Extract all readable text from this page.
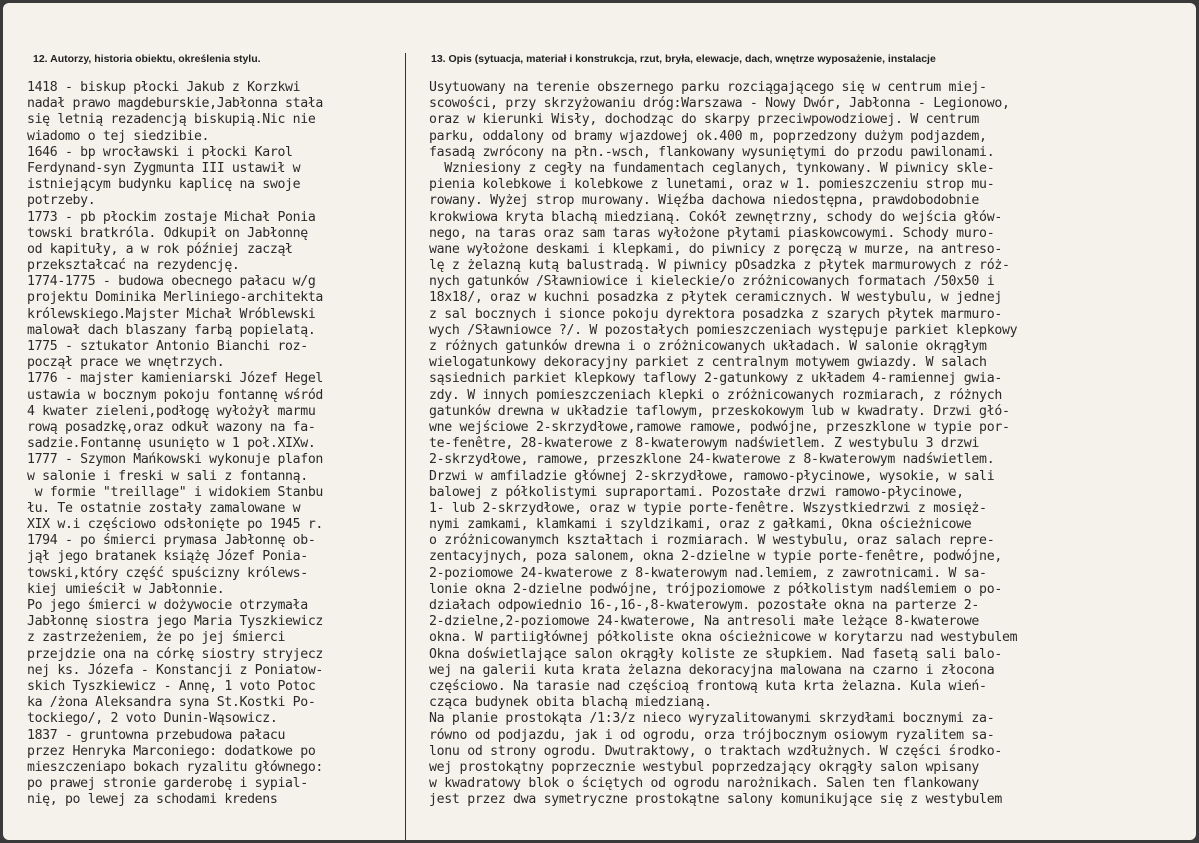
12. Autorzy, historia obiektu, określenia stylu.	13. Opis (sytuacja, materiał i konstrukcja, rzut, bryła, elewacje, dach, wnętrze wyposażenie, instalacje
1418 - biskup płocki Jakub z Korzkwi
nadał prawo magdeburskie,Jabłonna stała
się letnią rezadencją biskupią.Nic nie
wiadomo o tej siedzibie.
1646 - bp wrocławski i płocki Karol
Ferdynand-syn Zygmunta III ustawił w
istniejącym budynku kaplicę na swoje
potrzeby.
1773 - pb płockim zostaje Michał Ponia
towski bratkróla. Odkupił on Jabłonnę
od kapituły, a w rok później zaczął
przekształcać na rezydencję.
1774-1775 - budowa obecnego pałacu w/g
projektu Dominika Merliniego-architekta
królewskiego.Majster Michał Wróblewski
malował dach blaszany farbą popielatą.
1775 - sztukator Antonio Bianchi roz-
począł prace we wnętrzych.
1776 - majster kamieniarski Józef Hegel
ustawia w bocznym pokoju fontannę wśród
4 kwater zieleni,podłogę wyłożył marmu
rową posadzkę,oraz odkuł wazony na fa-
sadzie.Fontannę usunięto w 1 poł.XIXw.
1777 - Szymon Mańkowski wykonuje plafon
w salonie i freski w sali z fontanną.
w formie "treillage" i widokiem Stanbu
łu. Te ostatnie zostały zamalowane w
XIX w.i częściowo odsłonięte po 1945 r.
1794 - po śmierci prymasa Jabłonnę ob-
jął jego bratanek książę Józef Ponia-
towski,który część spuścizny królews-
kiej umieścił w Jabłonnie.
Po jego śmierci w dożywocie otrzymała
Jabłonnę siostra jego Maria Tyszkiewicz
z zastrzeżeniem, że po jej śmierci
przejdzie ona na córkę siostry stryjecz
nej ks. Józefa - Konstancji z Poniatow-
skich Tyszkiewicz - Annę, 1 voto Potoc
ka /żona Aleksandra syna St.Kostki Po-
tockiego/, 2 voto Dunin-Wąsowicz.
1837 - gruntowna przebudowa pałacu
przez Henryka Marconiego: dodatkowe po
mieszczeniapo bokach ryzalitu głównego:
po prawej stronie garderobę i sypial-
nię, po lewej za schodami kredens
Usytuowany na terenie obszernego parku rozciągającego się w centrum miej-
scowości, przy skrzyżowaniu dróg:Warszawa - Nowy Dwór, Jabłonna - Legionowo,
oraz w kierunki Wisły, dochodząc do skarpy przeciwpowodziowej. W centrum
parku, oddalony od bramy wjazdowej ok.400 m, poprzedzony dużym podjazdem,
fasadą zwrócony na płn.-wsch, flankowany wysuniętymi do przodu pawilonami.
Wzniesiony z cegły na fundamentach ceglanych, tynkowany. W piwnicy skle-
pienia kolebkowe i kolebkowe z lunetami, oraz w 1. pomieszczeniu strop mu-
rowany. Wyżej strop murowany. Więźba dachowa niedostępna, prawdobodobnie
krokwiowa kryta blachą miedzianą. Cokół zewnętrzny, schody do wejścia głów-
nego, na taras oraz sam taras wyłożone płytami piaskowcowymi. Schody muro-
wane wyłożone deskami i klepkami, do piwnicy z poręczą w murze, na antreso-
lę z żelazną kutą balustradą. W piwnicy pOsadzka z płytek marmurowych z róż-
nych gatunków /Sławniowice i kieleckie/o zróżnicowanych formatach /50x50 i
18x18/, oraz w kuchni posadzka z płytek ceramicznych. W westybulu, w jednej
z sal bocznych i sionce pokoju dyrektora posadzka z szarych płytek marmuro-
wych /Sławniowce ?/. W pozostałych pomieszczeniach występuje parkiet klepkowy
z różnych gatunków drewna i o zróżnicowanych układach. W salonie okrągłym
wielogatunkowy dekoracyjny parkiet z centralnym motywem gwiazdy. W salach
sąsiednich parkiet klepkowy taflowy 2-gatunkowy z układem 4-ramiennej gwia-
zdy. W innych pomieszczeniach klepki o zróżnicowanych rozmiarach, z różnych
gatunków drewna w układzie taflowym, przeskokowym lub w kwadraty. Drzwi głó-
wne wejściowe 2-skrzydłowe,ramowe ramowe, podwójne, przeszklone w typie por-
te-fenêtre, 28-kwaterowe z 8-kwaterowym nadświetlem. Z westybulu 3 drzwi
2-skrzydłowe, ramowe, przeszklone 24-kwaterowe z 8-kwaterowym nadświetlem.
Drzwi w amfiladzie głównej 2-skrzydłowe, ramowo-płycinowe, wysokie, w sali
balowej z półkolistymi supraportami. Pozostałe drzwi ramowo-płycinowe,
1- lub 2-skrzydłowe, oraz w typie porte-fenêtre. Wszystkiedrzwi z mosięż-
nymi zamkami, klamkami i szyldzikami, oraz z gałkami, Okna ościeżnicowe
o zróżnicowanymch kształtach i rozmiarach. W westybulu, oraz salach repre-
zentacyjnych, poza salonem, okna 2-dzielne w typie porte-fenêtre, podwójne,
2-poziomowe 24-kwaterowe z 8-kwaterowym nad.lemiem, z zawrotnicami. W sa-
lonie okna 2-dzielne podwójne, trójpoziomowe z półkolistym nadślemiem o po-
działach odpowiednio 16-,16-,8-kwaterowym. pozostałe okna na parterze 2-
2-dzielne,2-poziomowe 24-kwaterowe, Na antresoli małe leżące 8-kwaterowe
okna. W partiigłównej półkoliste okna ościeżnicowe w korytarzu nad westybulem
Okna doświetlające salon okrągły koliste ze słupkiem. Nad fasetą sali balo-
wej na galerii kuta krata żelazna dekoracyjna malowana na czarno i złocona
częściowo. Na tarasie nad częścioą frontową kuta krta żelazna. Kula wień-
cząca budynek obita blachą miedzianą.
Na planie prostokąta /1:3/z nieco wyryzalitowanymi skrzydłami bocznymi za-
równo od podjazdu, jak i od ogrodu, orza trójbocznym osiowym ryzalitem sa-
lonu od strony ogrodu. Dwutraktowy, o traktach wzdłużnych. W części środko-
wej prostokątny poprzecznie westybul poprzedzający okrągły salon wpisany
w kwadratowy blok o ściętych od ogrodu narożnikach. Salen ten flankowany
jest przez dwa symetryczne prostokątne salony komunikujące się z westybulem
